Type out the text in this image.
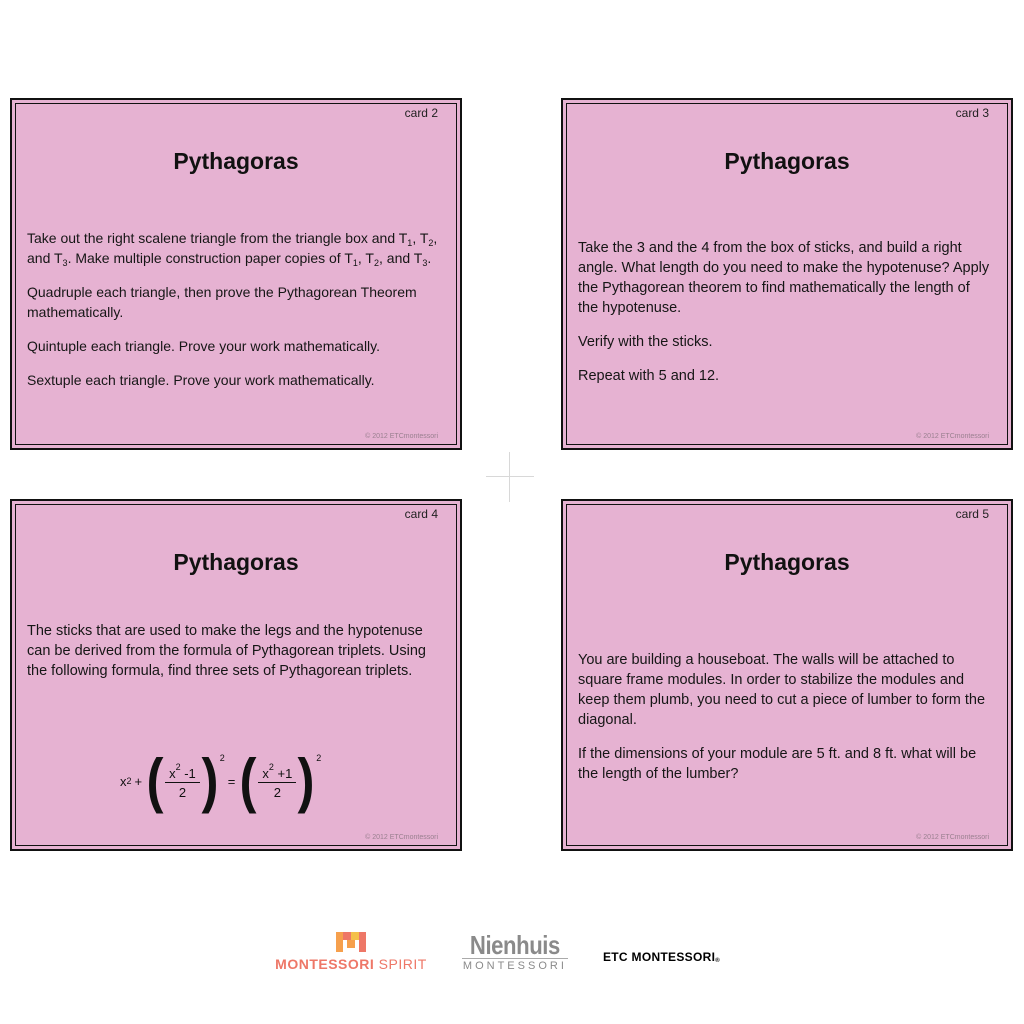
card 2
Pythagoras

Take out the right scalene triangle from the triangle box and $T_1$, $T_2$, and $T_3$. Make multiple construction paper copies of $T_1$, $T_2$, and $T_3$.

Quadruple each triangle, then prove the Pythagorean Theorem mathematically.

Quintuple each triangle. Prove your work mathematically.

Sextuple each triangle. Prove your work mathematically.

© 2012 ETCmontessori
card 3
Pythagoras

Take the 3 and the 4 from the box of sticks, and build a right angle. What length do you need to make the hypotenuse? Apply the Pythagorean theorem to find mathematically the length of the hypotenuse.

Verify with the sticks.

Repeat with 5 and 12.

© 2012 ETCmontessori
card 4
Pythagoras

The sticks that are used to make the legs and the hypotenuse can be derived from the formula of Pythagorean triplets. Using the following formula, find three sets of Pythagorean triplets.

x 2 + ( $\frac{x^2 -1}{2}$ ) 2
= ( $\frac{x^2 +1}{2}$ ) 2
© 2012 ETCmontessori
card 5
Pythagoras

You are building a houseboat. The walls will be attached to square frame modules. In order to stabilize the modules and keep them plumb, you need to cut a piece of lumber to form the diagonal.

If the dimensions of your module are 5 ft. and 8 ft. what will be the length of the lumber?

© 2012 ETCmontessori
MONTESSORI SPIRIT
Nienhuis
MONTESSORI
ETC MONTESSORI®
